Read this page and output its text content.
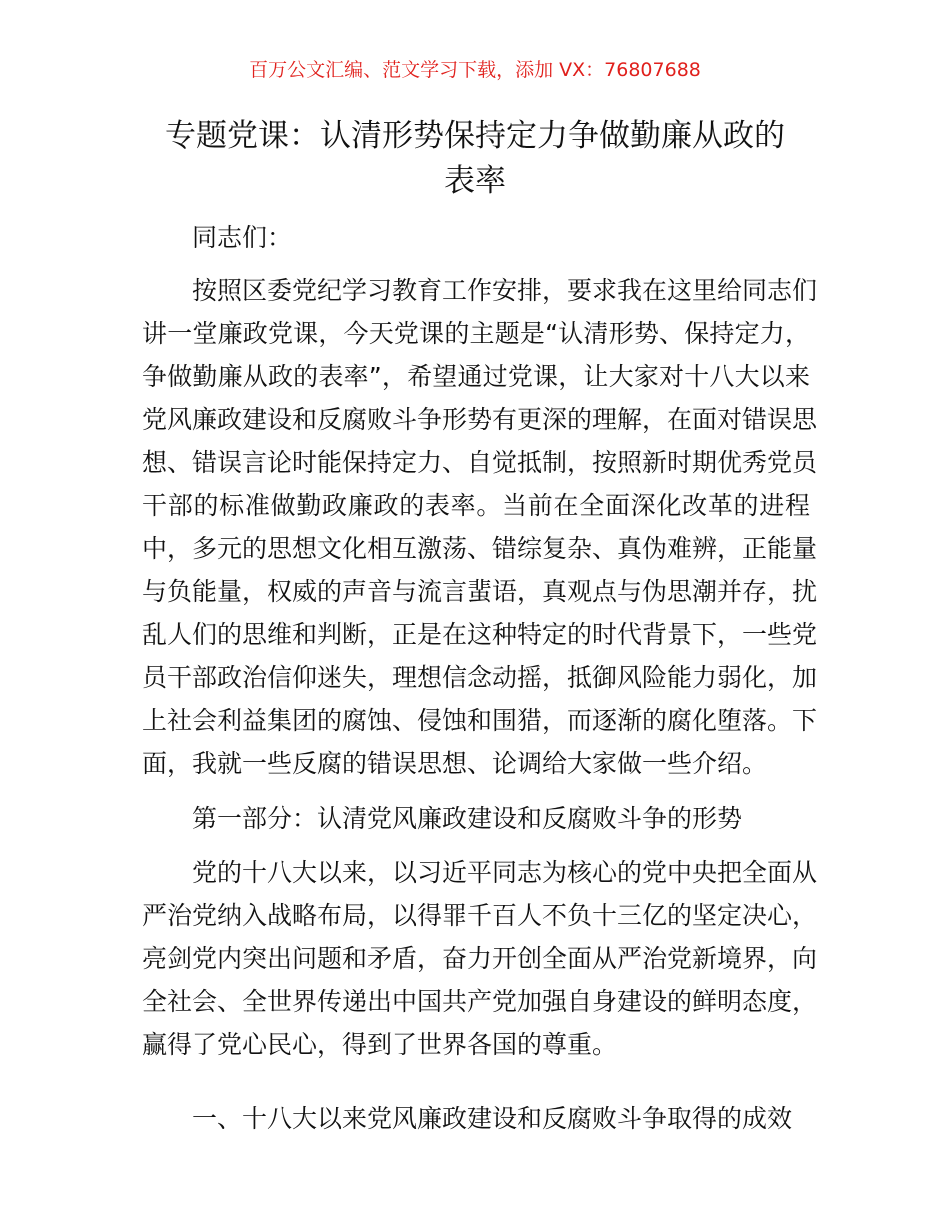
百万公文汇编、范文学习下载，添加 VX：76807688
专题党课：认清形势保持定力争做勤廉从政的
表率
同志们：
按照区委党纪学习教育工作安排，要求我在这里给同志们
讲一堂廉政党课，今天党课的主题是“认清形势、保持定力，
争做勤廉从政的表率”，希望通过党课，让大家对十八大以来
党风廉政建设和反腐败斗争形势有更深的理解，在面对错误思
想、错误言论时能保持定力、自觉抵制，按照新时期优秀党员
干部的标准做勤政廉政的表率。当前在全面深化改革的进程
中，多元的思想文化相互激荡、错综复杂、真伪难辨，正能量
与负能量，权威的声音与流言蜚语，真观点与伪思潮并存，扰
乱人们的思维和判断，正是在这种特定的时代背景下，一些党
员干部政治信仰迷失，理想信念动摇，抵御风险能力弱化，加
上社会利益集团的腐蚀、侵蚀和围猎，而逐渐的腐化堕落。下
面，我就一些反腐的错误思想、论调给大家做一些介绍。
第一部分：认清党风廉政建设和反腐败斗争的形势
党的十八大以来，以习近平同志为核心的党中央把全面从
严治党纳入战略布局，以得罪千百人不负十三亿的坚定决心，
亮剑党内突出问题和矛盾，奋力开创全面从严治党新境界，向
全社会、全世界传递出中国共产党加强自身建设的鲜明态度，
赢得了党心民心，得到了世界各国的尊重。
一、十八大以来党风廉政建设和反腐败斗争取得的成效
